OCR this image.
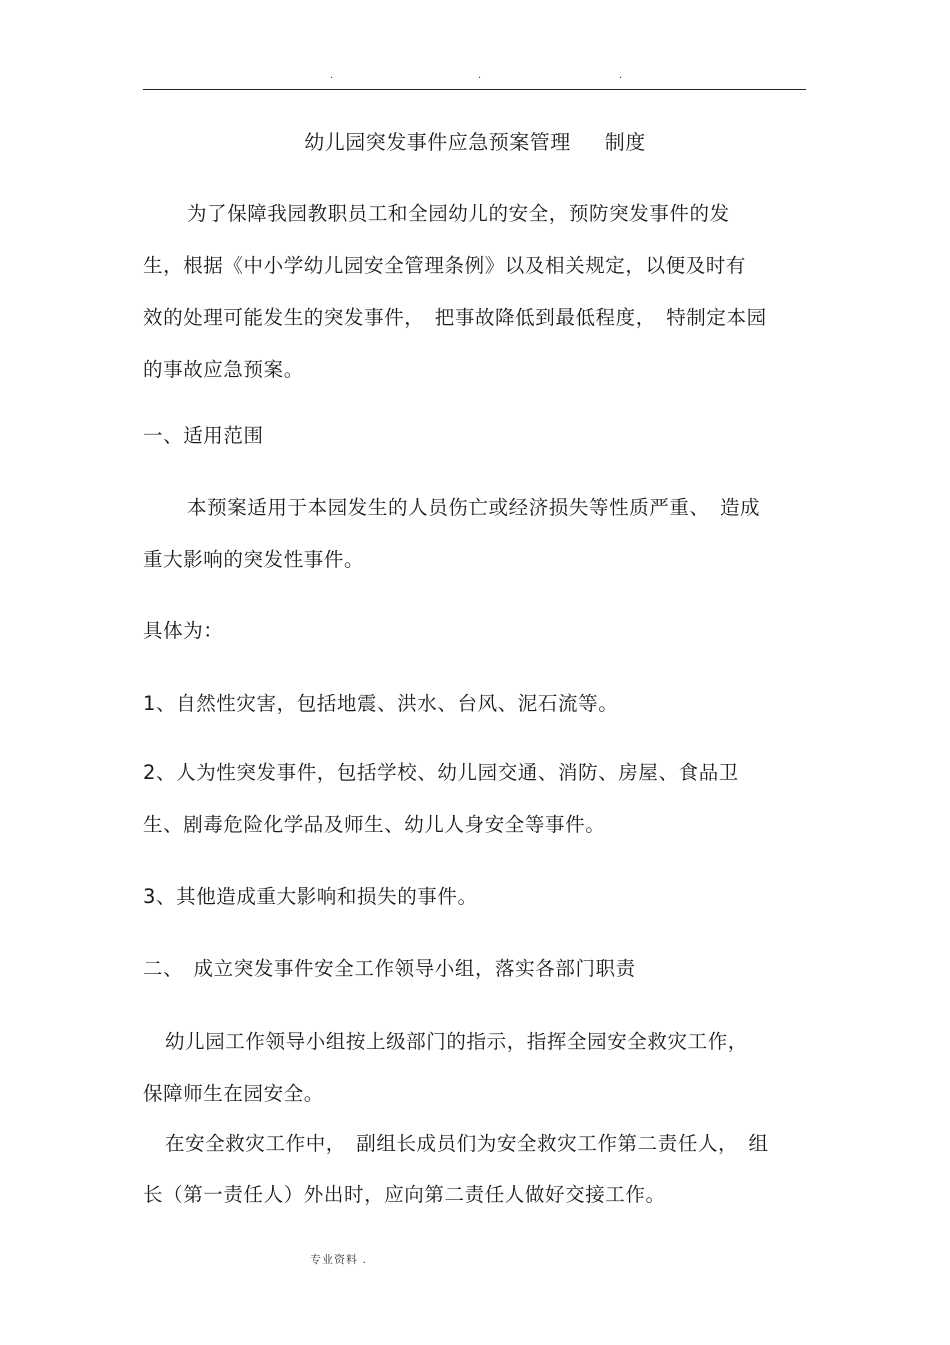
.	.	.
幼儿园突发事件应急预案管理 制度
为了保障我园教职员工和全园幼儿的安全，预防突发事件的发
生，根据《中小学幼儿园安全管理条例》以及相关规定，以便及时有
效的处理可能发生的突发事件，　把事故降低到最低程度，　特制定本园
的事故应急预案。
一、适用范围
本预案适用于本园发生的人员伤亡或经济损失等性质严重、　造成
重大影响的突发性事件。
具体为：
1、自然性灾害，包括地震、洪水、台风、泥石流等。
2、人为性突发事件，包括学校、幼儿园交通、消防、房屋、食品卫
生、剧毒危险化学品及师生、幼儿人身安全等事件。
3、其他造成重大影响和损失的事件。
二、　成立突发事件安全工作领导小组，落实各部门职责
幼儿园工作领导小组按上级部门的指示，指挥全园安全救灾工作，
保障师生在园安全。
在安全救灾工作中，　副组长成员们为安全救灾工作第二责任人，　组
长（第一责任人）外出时，应向第二责任人做好交接工作。
专业资料 .
